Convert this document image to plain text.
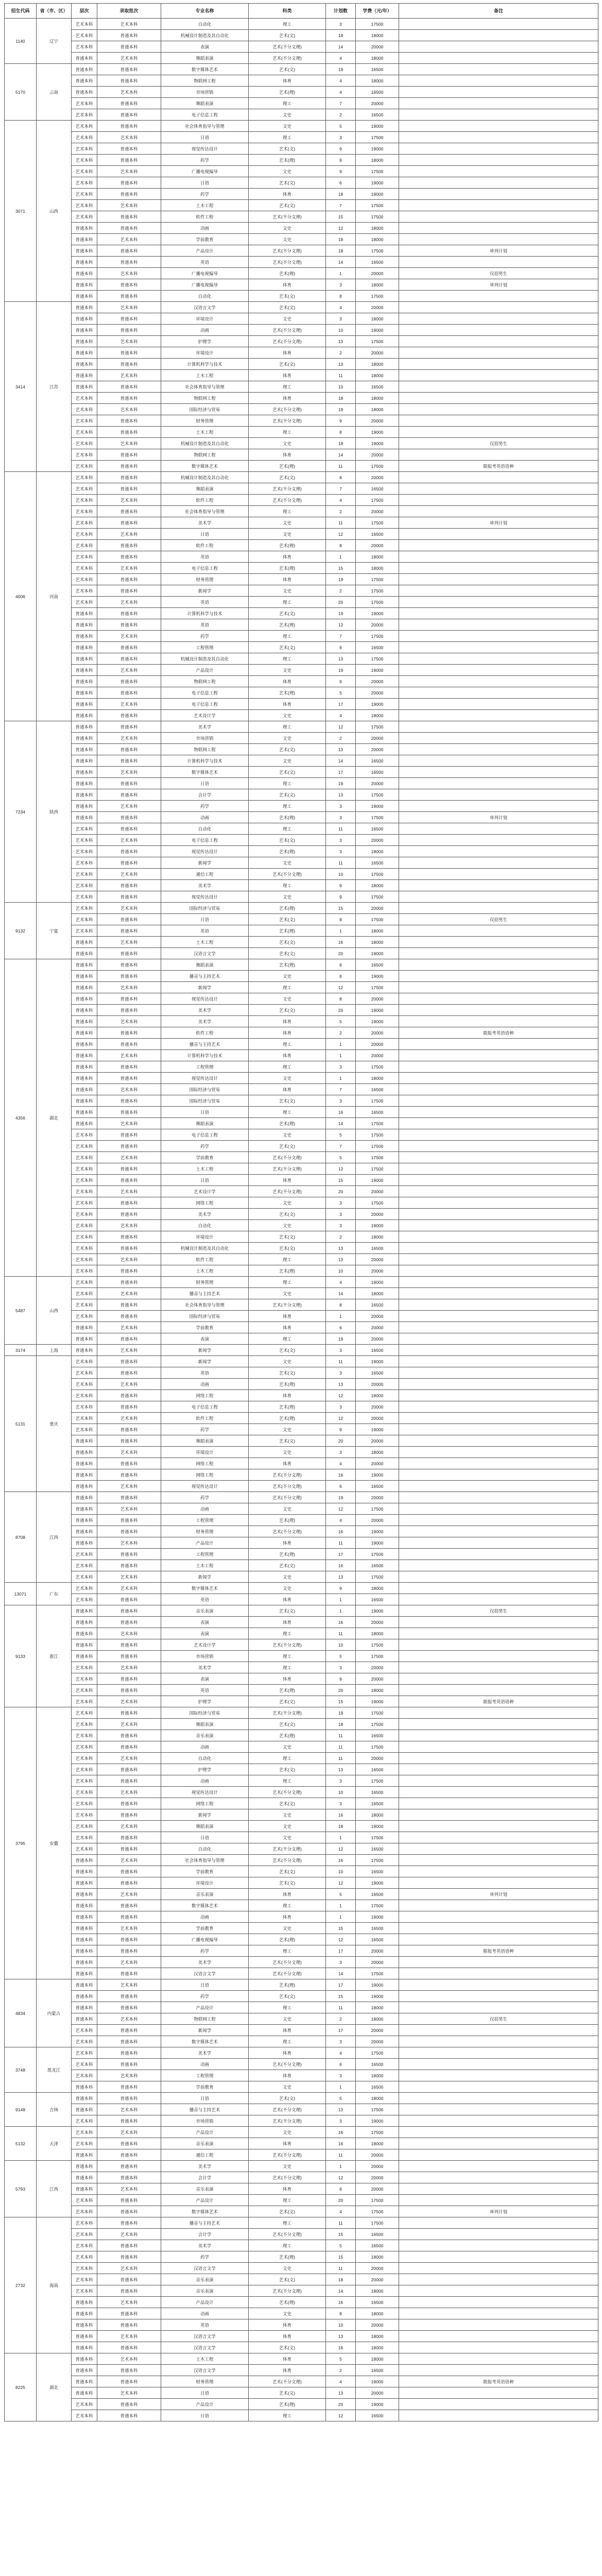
招生代码	省（市、区）	层次	录取批次	专业名称	科类	计划数	学费（元/年）	备注
1140	辽宁	艺术本科	艺术本科	自动化	理工	3	17500	
		艺术本科	普通本科	机械设计制造及其自动化	艺术(文)	18	18000	
		艺术本科	普通本科	表演	艺术(不分文理)	14	20000	
		普通本科	艺术本科	舞蹈表演	艺术(不分文理)	4	18000	
5170	云南	普通本科	普通本科	数字媒体艺术	艺术(文)	19	16500	
		普通本科	普通本科	物联网工程	体育	4	18000	
		普通本科	艺术本科	市场营销	艺术(理)	4	16500	
		艺术本科	普通本科	舞蹈表演	理工	7	20000	
		艺术本科	普通本科	电子信息工程	文史	2	16500	
3071	山西	艺术本科	普通本科	社会体育指导与管理	文史	5	19000	
		艺术本科	艺术本科	日语	理工	3	17500	
		艺术本科	普通本科	视觉传达设计	艺术(文)	9	19000	
		艺术本科	普通本科	药学	艺术(理)	9	18000	
		艺术本科	艺术本科	广播电视编导	文史	9	17500	
		艺术本科	普通本科	日语	艺术(文)	6	19000	
		艺术本科	普通本科	药学	体育	18	19000	
		艺术本科	艺术本科	土木工程	艺术(文)	7	17500	
		艺术本科	普通本科	软件工程	艺术(不分文理)	15	17500	
		普通本科	普通本科	动画	文史	12	18000	
		普通本科	艺术本科	学前教育	文史	18	18000	
		普通本科	普通本科	产品设计	艺术(不分文理)	18	17500	单列计划
		普通本科	普通本科	英语	艺术(不分文理)	14	16500	
		普通本科	艺术本科	广播电视编导	艺术(理)	1	20000	仅招男生
		普通本科	普通本科	广播电视编导	体育	3	18000	单列计划
		普通本科	普通本科	自动化	艺术(文)	8	17500	
3414	江苏	普通本科	艺术本科	汉语言文学	艺术(文)	4	20000	
		普通本科	普通本科	环境设计	文史	3	18000	
		普通本科	普通本科	动画	艺术(不分文理)	10	19000	
		普通本科	艺术本科	护理学	艺术(不分文理)	13	17500	
		普通本科	普通本科	环境设计	体育	2	20000	
		普通本科	普通本科	计算机科学与技术	艺术(文)	13	18000	
		普通本科	艺术本科	土木工程	体育	11	18000	
		普通本科	普通本科	社会体育指导与管理	理工	10	16500	
		艺术本科	普通本科	物联网工程	体育	18	18000	
		艺术本科	艺术本科	国际经济与贸易	艺术(不分文理)	19	18000	
		艺术本科	普通本科	财务管理	艺术(不分文理)	9	20000	
		艺术本科	普通本科	土木工程	理工	8	19000	
		艺术本科	艺术本科	机械设计制造及其自动化	文史	18	19000	仅招男生
		艺术本科	普通本科	物联网工程	体育	14	20000	
		艺术本科	普通本科	数字媒体艺术	艺术(理)	11	17500	限报考英语语种
4006	河南	艺术本科	普通本科	机械设计制造及其自动化	艺术(文)	8	20000	
		艺术本科	普通本科	舞蹈表演	艺术(不分文理)	7	16500	
		艺术本科	艺术本科	软件工程	艺术(不分文理)	4	17500	
		艺术本科	普通本科	社会体育指导与管理	理工	2	20000	
		艺术本科	普通本科	美术学	文史	11	17500	单列计划
		艺术本科	艺术本科	日语	文史	12	16500	
		艺术本科	普通本科	软件工程	艺术(理)	8	20000	
		艺术本科	普通本科	英语	体育	1	18000	
		艺术本科	艺术本科	电子信息工程	艺术(理)	15	18000	
		艺术本科	普通本科	财务管理	体育	19	17500	
		艺术本科	普通本科	新闻学	文史	2	17500	
		艺术本科	艺术本科	英语	理工	20	17500	
		普通本科	普通本科	计算机科学与技术	艺术(文)	19	19000	
		普通本科	普通本科	英语	艺术(理)	12	20000	
		普通本科	艺术本科	药学	理工	7	17500	
		普通本科	普通本科	工程管理	艺术(文)	8	16500	
		普通本科	普通本科	机械设计制造及其自动化	理工	13	17500	
		普通本科	艺术本科	产品设计	文史	19	19000	
		普通本科	普通本科	物联网工程	体育	9	20000	
		普通本科	普通本科	电子信息工程	艺术(理)	5	20000	
		普通本科	艺术本科	电子信息工程	体育	17	19000	
		普通本科	普通本科	艺术设计学	文史	4	18000	
7234	陕西	普通本科	普通本科	美术学	理工	12	17500	
		普通本科	艺术本科	市场营销	文史	2	20000	
		普通本科	普通本科	物联网工程	艺术(文)	13	20000	
		普通本科	普通本科	计算机科学与技术	文史	14	16500	
		普通本科	艺术本科	数字媒体艺术	艺术(文)	17	16500	
		普通本科	普通本科	日语	理工	19	20000	
		普通本科	普通本科	会计学	艺术(文)	13	17500	
		普通本科	艺术本科	药学	理工	3	19000	
		普通本科	普通本科	动画	艺术(理)	3	17500	单列计划
		艺术本科	普通本科	自动化	理工	11	16500	
		艺术本科	艺术本科	电子信息工程	艺术(文)	3	20000	
		艺术本科	普通本科	视觉传达设计	艺术(理)	3	18000	
		艺术本科	普通本科	新闻学	文史	11	16500	
		艺术本科	艺术本科	通信工程	艺术(不分文理)	10	17500	
		艺术本科	普通本科	美术学	理工	9	18000	
		艺术本科	普通本科	视觉传达设计	文史	9	17500	
9132	宁夏	艺术本科	艺术本科	国际经济与贸易	艺术(理)	15	20000	
		艺术本科	普通本科	日语	艺术(文)	8	17500	仅招男生
		艺术本科	普通本科	英语	艺术(理)	1	18000	
		普通本科	艺术本科	土木工程	艺术(文)	16	18000	
		普通本科	普通本科	汉语言文学	艺术(文)	20	19000	
4356	湖北	普通本科	普通本科	舞蹈表演	艺术(理)	8	16500	
		普通本科	普通本科	播音与主持艺术	文史	8	19000	
		普通本科	艺术本科	新闻学	理工	12	17500	
		普通本科	普通本科	视觉传达设计	文史	8	20000	
		普通本科	普通本科	美术学	艺术(文)	20	19000	
		普通本科	艺术本科	美术学	体育	5	19000	
		普通本科	普通本科	软件工程	体育	2	20000	限报考英语语种
		普通本科	普通本科	播音与主持艺术	理工	1	20000	
		普通本科	艺术本科	计算机科学与技术	体育	1	20000	
		普通本科	普通本科	工程管理	理工	3	17500	
		普通本科	普通本科	视觉传达设计	文史	1	18000	
		普通本科	艺术本科	国际经济与贸易	体育	7	16500	
		普通本科	普通本科	国际经济与贸易	艺术(文)	3	17500	
		普通本科	普通本科	日语	理工	16	16500	
		普通本科	艺术本科	舞蹈表演	艺术(理)	14	17500	
		艺术本科	普通本科	电子信息工程	文史	5	17500	
		艺术本科	普通本科	药学	艺术(文)	7	17500	
		艺术本科	艺术本科	学前教育	艺术(不分文理)	5	17500	
		艺术本科	普通本科	土木工程	艺术(不分文理)	12	17500	
		艺术本科	普通本科	日语	体育	15	19000	
		艺术本科	艺术本科	艺术设计学	艺术(不分文理)	20	20000	
		艺术本科	普通本科	网络工程	文史	3	17500	
		艺术本科	普通本科	美术学	艺术(文)	3	20000	
		艺术本科	艺术本科	自动化	文史	3	19000	
		艺术本科	普通本科	环境设计	艺术(文)	2	18000	
		艺术本科	普通本科	机械设计制造及其自动化	艺术(文)	13	16500	
		艺术本科	艺术本科	软件工程	理工	13	20000	
		艺术本科	普通本科	土木工程	艺术(理)	10	20000	
5487	山西	艺术本科	普通本科	财务管理	理工	4	19000	
		艺术本科	艺术本科	播音与主持艺术	文史	14	18000	
		艺术本科	普通本科	社会体育指导与管理	艺术(不分文理)	8	16500	
		艺术本科	普通本科	国际经济与贸易	体育	1	20000	
		普通本科	艺术本科	学前教育	体育	6	20000	
		普通本科	普通本科	表演	理工	19	20000	
3174	上海	普通本科	艺术本科	新闻学	艺术(文)	3	16500	
5131	重庆	艺术本科	普通本科	新闻学	文史	11	19000	
		艺术本科	普通本科	英语	艺术(文)	3	16500	
		艺术本科	艺术本科	动画	艺术(理)	13	20000	
		艺术本科	普通本科	网络工程	体育	12	18000	
		艺术本科	普通本科	电子信息工程	艺术(理)	3	20000	
		艺术本科	艺术本科	软件工程	艺术(理)	12	20000	
		艺术本科	普通本科	药学	文史	9	19000	
		普通本科	普通本科	舞蹈表演	艺术(文)	20	20000	
		普通本科	艺术本科	环境设计	文史	3	18000	
		普通本科	普通本科	网络工程	体育	4	20000	
		普通本科	普通本科	网络工程	艺术(不分文理)	16	19000	
		普通本科	艺术本科	视觉传达设计	艺术(不分文理)	6	16500	
8708	江西	普通本科	普通本科	药学	艺术(不分文理)	19	20000	
		普通本科	艺术本科	动画	文史	12	17500	
		普通本科	普通本科	工程管理	艺术(理)	4	20000	
		普通本科	普通本科	财务管理	艺术(不分文理)	16	19000	
		普通本科	艺术本科	产品设计	体育	11	19000	
		艺术本科	普通本科	工程管理	艺术(理)	17	17500	
		艺术本科	普通本科	土木工程	艺术(文)	16	16500	
		艺术本科	艺术本科	新闻学	文史	13	17500	
13071	广东	艺术本科	艺术本科	数字媒体艺术	文史	9	18000	
		艺术本科	普通本科	英语	体育	1	16500	
9133	浙江	普通本科	普通本科	音乐表演	艺术(文)	1	19000	仅招男生
		普通本科	普通本科	表演	体育	16	20000	
		普通本科	艺术本科	表演	理工	11	18000	
		普通本科	普通本科	艺术设计学	艺术(不分文理)	10	17500	
		普通本科	普通本科	市场营销	理工	5	17500	
		艺术本科	艺术本科	美术学	理工	3	20000	
		艺术本科	普通本科	表演	体育	9	20000	
		艺术本科	普通本科	英语	艺术(理)	20	18000	
		艺术本科	艺术本科	护理学	艺术(文)	15	19000	限报考英语语种
3795	安徽	艺术本科	普通本科	国际经济与贸易	艺术(不分文理)	19	17500	
		艺术本科	艺术本科	舞蹈表演	艺术(文)	18	17500	
		艺术本科	普通本科	音乐表演	艺术(理)	11	16500	
		艺术本科	普通本科	动画	文史	11	17500	
		艺术本科	艺术本科	自动化	理工	11	20000	
		艺术本科	普通本科	护理学	艺术(文)	13	16500	
		艺术本科	普通本科	动画	理工	3	17500	
		艺术本科	艺术本科	视觉传达设计	艺术(不分文理)	10	16500	
		艺术本科	普通本科	网络工程	艺术(文)	3	16500	
		艺术本科	普通本科	新闻学	文史	16	18000	
		艺术本科	艺术本科	舞蹈表演	文史	18	19000	
		艺术本科	普通本科	日语	文史	1	17500	
		艺术本科	普通本科	自动化	艺术(不分文理)	12	16500	
		普通本科	艺术本科	社会体育指导与管理	艺术(不分文理)	16	17500	
		普通本科	普通本科	学前教育	艺术(文)	10	16500	
		普通本科	普通本科	环境设计	艺术(文)	12	19000	
		普通本科	艺术本科	音乐表演	体育	5	16500	单列计划
		普通本科	普通本科	数字媒体艺术	理工	1	17500	
		普通本科	普通本科	动画	体育	1	19000	
		普通本科	艺术本科	学前教育	文史	15	16500	
		普通本科	普通本科	广播电视编导	艺术(理)	12	16500	
		普通本科	普通本科	药学	理工	17	20000	限报考英语语种
		普通本科	艺术本科	美术学	艺术(不分文理)	3	20000	
		普通本科	普通本科	汉语言文学	艺术(不分文理)	14	17500	
4834	内蒙古	普通本科	艺术本科	日语	艺术(理)	17	19000	
		普通本科	普通本科	药学	艺术(文)	15	19000	
		普通本科	普通本科	产品设计	理工	11	18000	
		普通本科	艺术本科	物联网工程	文史	2	18000	仅招男生
		艺术本科	普通本科	新闻学	体育	17	20000	
		艺术本科	普通本科	数字媒体艺术	理工	3	20000	
3748	黑龙江	艺术本科	普通本科	美术学	体育	4	17500	
		艺术本科	普通本科	动画	艺术(不分文理)	6	16500	
		艺术本科	艺术本科	工程管理	体育	3	18000	
		普通本科	普通本科	学前教育	文史	1	16500	
9148	吉林	普通本科	普通本科	日语	艺术(文)	5	18000	
		普通本科	艺术本科	播音与主持艺术	艺术(不分文理)	13	17500	
		艺术本科	普通本科	市场营销	艺术(不分文理)	3	19000	
5132	天津	艺术本科	艺术本科	产品设计	文史	16	17500	
		艺术本科	普通本科	音乐表演	体育	16	18000	
		普通本科	普通本科	通信工程	艺术(不分文理)	11	20000	
5793	江西	普通本科	普通本科	美术学	文史	1	20000	
		普通本科	普通本科	会计学	艺术(不分文理)	12	20000	
		普通本科	艺术本科	音乐表演	体育	6	20000	
		艺术本科	普通本科	产品设计	理工	20	17500	
		艺术本科	普通本科	数字媒体艺术	艺术(文)	4	17500	单列计划
2732	海南	艺术本科	普通本科	播音与主持艺术	理工	11	17500	
		艺术本科	艺术本科	会计学	艺术(不分文理)	15	16500	
		艺术本科	普通本科	美术学	理工	5	16500	
		艺术本科	普通本科	药学	艺术(理)	15	18000	
		艺术本科	艺术本科	汉语言文学	文史	11	20000	
		艺术本科	普通本科	音乐表演	艺术(文)	18	20000	
		艺术本科	普通本科	音乐表演	艺术(不分文理)	14	18000	
		普通本科	艺术本科	产品设计	艺术(理)	16	16500	
		普通本科	普通本科	动画	文史	8	18000	
		普通本科	普通本科	英语	体育	10	20000	
		普通本科	艺术本科	汉语言文学	体育	13	18000	
		普通本科	普通本科	汉语言文学	艺术(文)	16	18000	
8225	湖北	普通本科	艺术本科	土木工程	体育	5	18000	
		普通本科	普通本科	汉语言文学	体育	2	16500	
		普通本科	普通本科	财务管理	艺术(不分文理)	4	19000	限报考英语语种
		普通本科	艺术本科	日语	艺术(文)	13	20000	
		艺术本科	普通本科	产品设计	艺术(理)	20	19000	
		艺术本科	普通本科	日语	理工	12	16500	
